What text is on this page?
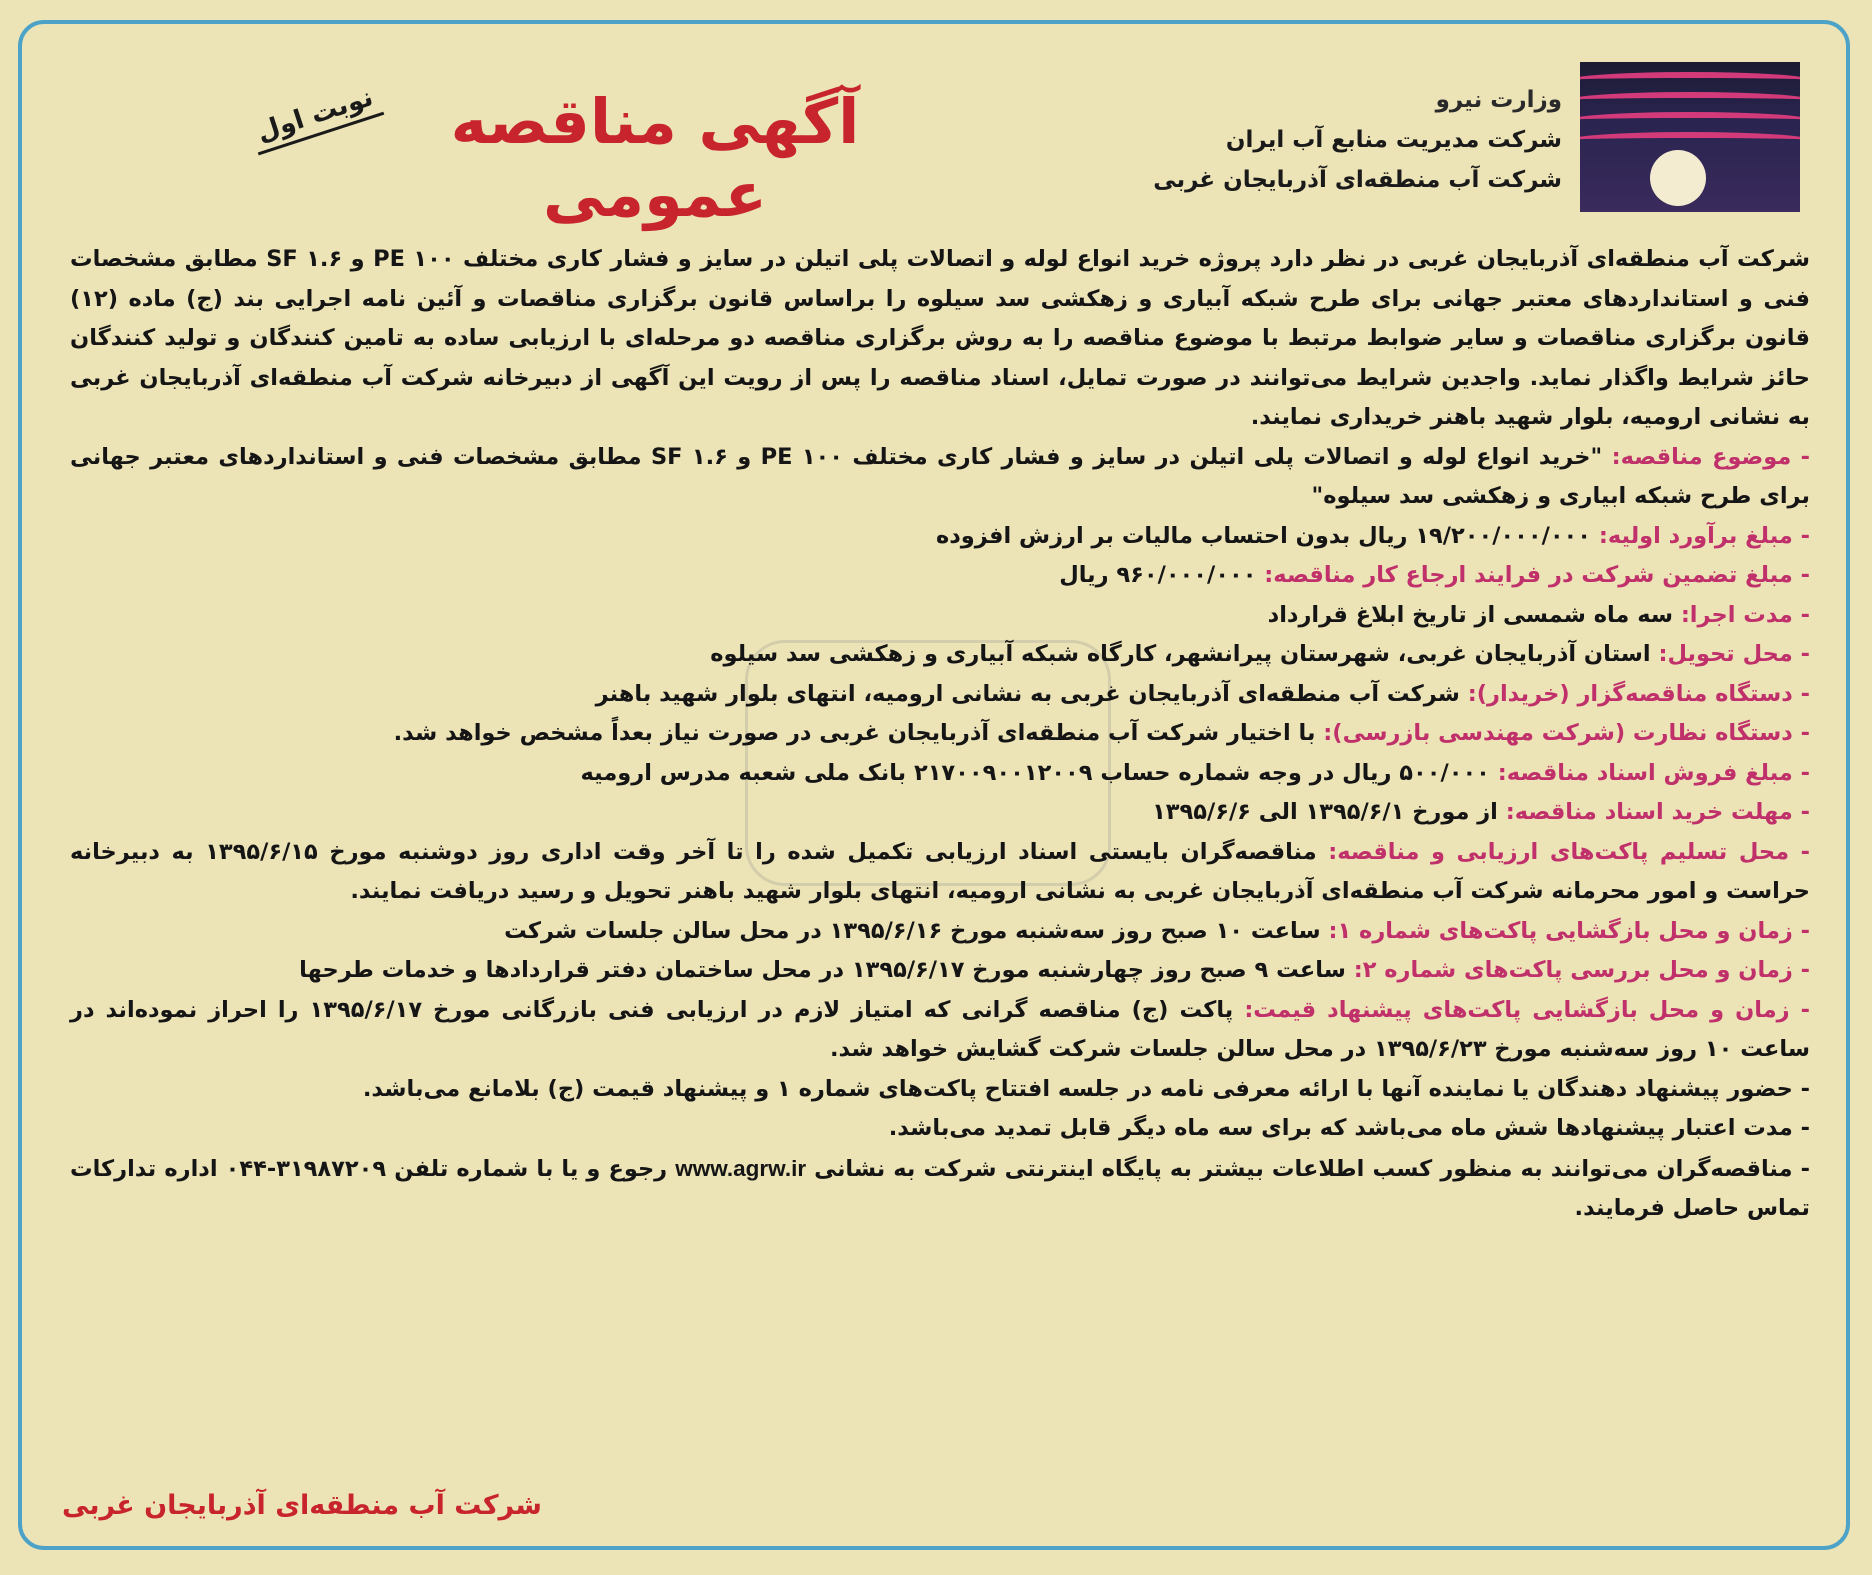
وزارت نیرو
شرکت مدیریت منابع آب ایران
شرکت آب منطقه‌ای آذربایجان غربی
آگهی مناقصه عمومی
نوبت اول

شرکت آب منطقه‌ای آذربایجان غربی در نظر دارد پروژه خرید انواع لوله و اتصالات پلی اتیلن در سایز و فشار کاری مختلف PE ۱۰۰ و SF ۱.۶ مطابق مشخصات فنی و استانداردهای معتبر جهانی برای طرح شبکه آبیاری و زهکشی سد سیلوه را براساس قانون برگزاری مناقصات و آئین نامه اجرایی بند (ج) ماده (۱۲) قانون برگزاری مناقصات و سایر ضوابط مرتبط با موضوع مناقصه را به روش برگزاری مناقصه دو مرحله‌ای با ارزیابی ساده به تامین کنندگان و تولید کنندگان حائز شرایط واگذار نماید. واجدین شرایط می‌توانند در صورت تمایل، اسناد مناقصه را پس از رویت این آگهی از دبیرخانه شرکت آب منطقه‌ای آذربایجان غربی به نشانی ارومیه، بلوار شهید باهنر خریداری نمایند.

- موضوع مناقصه: "خرید انواع لوله و اتصالات پلی اتیلن در سایز و فشار کاری مختلف PE ۱۰۰ و SF ۱.۶ مطابق مشخصات فنی و استانداردهای معتبر جهانی برای طرح شبکه ابیاری و زهکشی سد سیلوه"

- مبلغ برآورد اولیه: ۱۹/۲۰۰/۰۰۰/۰۰۰ ریال بدون احتساب مالیات بر ارزش افزوده

- مبلغ تضمین شرکت در فرایند ارجاع کار مناقصه: ۹۶۰/۰۰۰/۰۰۰ ریال

- مدت اجرا: سه ماه شمسی از تاریخ ابلاغ قرارداد

- محل تحویل: استان آذربایجان غربی، شهرستان پیرانشهر، کارگاه شبکه آبیاری و زهکشی سد سیلوه

- دستگاه مناقصه‌گزار (خریدار): شرکت آب منطقه‌ای آذربایجان غربی به نشانی ارومیه، انتهای بلوار شهید باهنر

- دستگاه نظارت (شرکت مهندسی بازرسی): با اختیار شرکت آب منطقه‌ای آذربایجان غربی در صورت نیاز بعداً مشخص خواهد شد.

- مبلغ فروش اسناد مناقصه: ۵۰۰/۰۰۰ ریال در وجه شماره حساب ۲۱۷۰۰۹۰۰۱۲۰۰۹ بانک ملی شعبه مدرس ارومیه

- مهلت خرید اسناد مناقصه: از مورخ ۱۳۹۵/۶/۱ الی ۱۳۹۵/۶/۶

- محل تسلیم پاکت‌های ارزیابی و مناقصه: مناقصه‌گران بایستی اسناد ارزیابی تکمیل شده را تا آخر وقت اداری روز دوشنبه مورخ ۱۳۹۵/۶/۱۵ به دبیرخانه حراست و امور محرمانه شرکت آب منطقه‌ای آذربایجان غربی به نشانی ارومیه، انتهای بلوار شهید باهنر تحویل و رسید دریافت نمایند.

- زمان و محل بازگشایی پاکت‌های شماره ۱: ساعت ۱۰ صبح روز سه‌شنبه مورخ ۱۳۹۵/۶/۱۶ در محل سالن جلسات شرکت

- زمان و محل بررسی پاکت‌های شماره ۲: ساعت ۹ صبح روز چهارشنبه مورخ ۱۳۹۵/۶/۱۷ در محل ساختمان دفتر قراردادها و خدمات طرحها

- زمان و محل بازگشایی پاکت‌های پیشنهاد قیمت: پاکت (ج) مناقصه گرانی که امتیاز لازم در ارزیابی فنی بازرگانی مورخ ۱۳۹۵/۶/۱۷ را احراز نموده‌اند در ساعت ۱۰ روز سه‌شنبه مورخ ۱۳۹۵/۶/۲۳ در محل سالن جلسات شرکت گشایش خواهد شد.

- حضور پیشنهاد دهندگان یا نماینده آنها با ارائه معرفی نامه در جلسه افتتاح پاکت‌های شماره ۱ و پیشنهاد قیمت (ج) بلامانع می‌باشد.

- مدت اعتبار پیشنهادها شش ماه می‌باشد که برای سه ماه دیگر قابل تمدید می‌باشد.

- مناقصه‌گران می‌توانند به منظور کسب اطلاعات بیشتر به پایگاه اینترنتی شرکت به نشانی www.agrw.ir رجوع و یا با شماره تلفن ۳۱۹۸۷۲۰۹-۰۴۴ اداره تدارکات تماس حاصل فرمایند.

شرکت آب منطقه‌ای آذربایجان غربی
